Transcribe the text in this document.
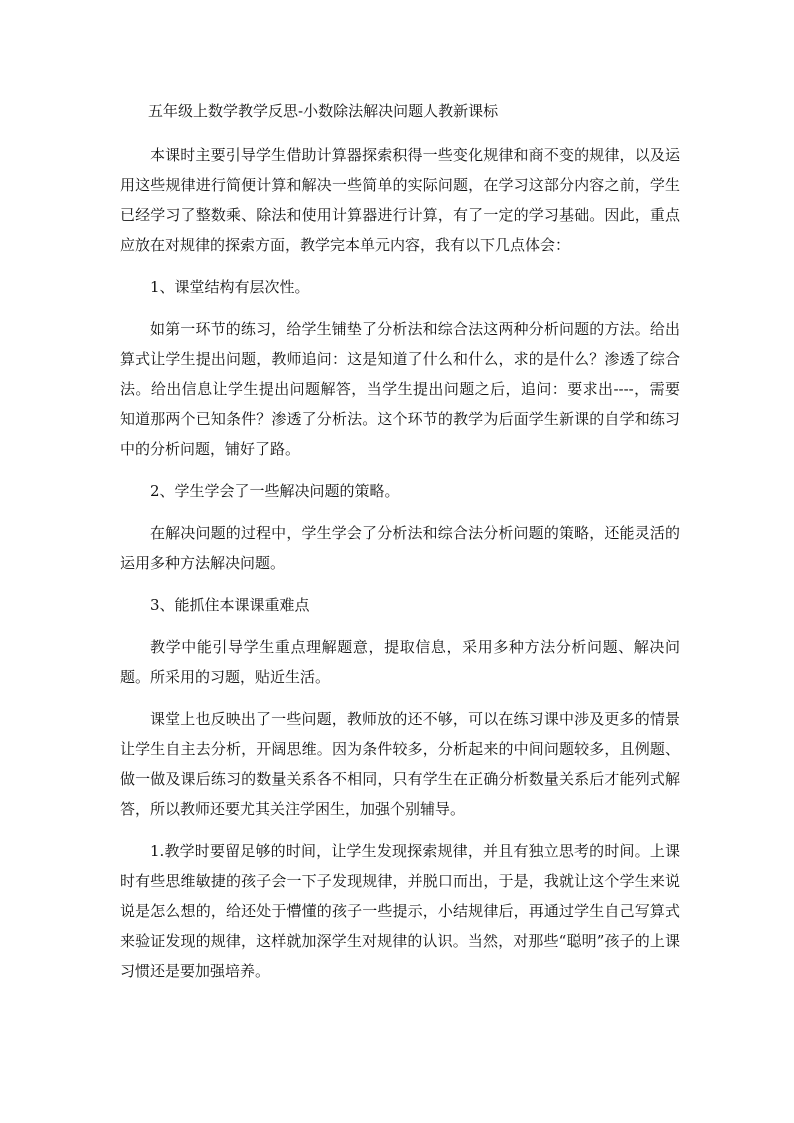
五年级上数学教学反思-小数除法解决问题人教新课标

本课时主要引导学生借助计算器探索积得一些变化规律和商不变的规律，以及运用这些规律进行简便计算和解决一些简单的实际问题，在学习这部分内容之前，学生已经学习了整数乘、除法和使用计算器进行计算，有了一定的学习基础。因此，重点应放在对规律的探索方面，教学完本单元内容，我有以下几点体会：

1、课堂结构有层次性。

如第一环节的练习，给学生铺垫了分析法和综合法这两种分析问题的方法。给出算式让学生提出问题，教师追问：这是知道了什么和什么，求的是什么？渗透了综合法。给出信息让学生提出问题解答，当学生提出问题之后，追问：要求出----，需要知道那两个已知条件？渗透了分析法。这个环节的教学为后面学生新课的自学和练习中的分析问题，铺好了路。

2、学生学会了一些解决问题的策略。

在解决问题的过程中，学生学会了分析法和综合法分析问题的策略，还能灵活的运用多种方法解决问题。

3、能抓住本课课重难点

教学中能引导学生重点理解题意，提取信息，采用多种方法分析问题、解决问题。所采用的习题，贴近生活。

课堂上也反映出了一些问题，教师放的还不够，可以在练习课中涉及更多的情景让学生自主去分析，开阔思维。因为条件较多，分析起来的中间问题较多，且例题、做一做及课后练习的数量关系各不相同，只有学生在正确分析数量关系后才能列式解答，所以教师还要尤其关注学困生，加强个别辅导。

1.教学时要留足够的时间，让学生发现探索规律，并且有独立思考的时间。上课时有些思维敏捷的孩子会一下子发现规律，并脱口而出，于是，我就让这个学生来说说是怎么想的，给还处于懵懂的孩子一些提示，小结规律后，再通过学生自己写算式来验证发现的规律，这样就加深学生对规律的认识。当然，对那些“聪明”孩子的上课习惯还是要加强培养。
